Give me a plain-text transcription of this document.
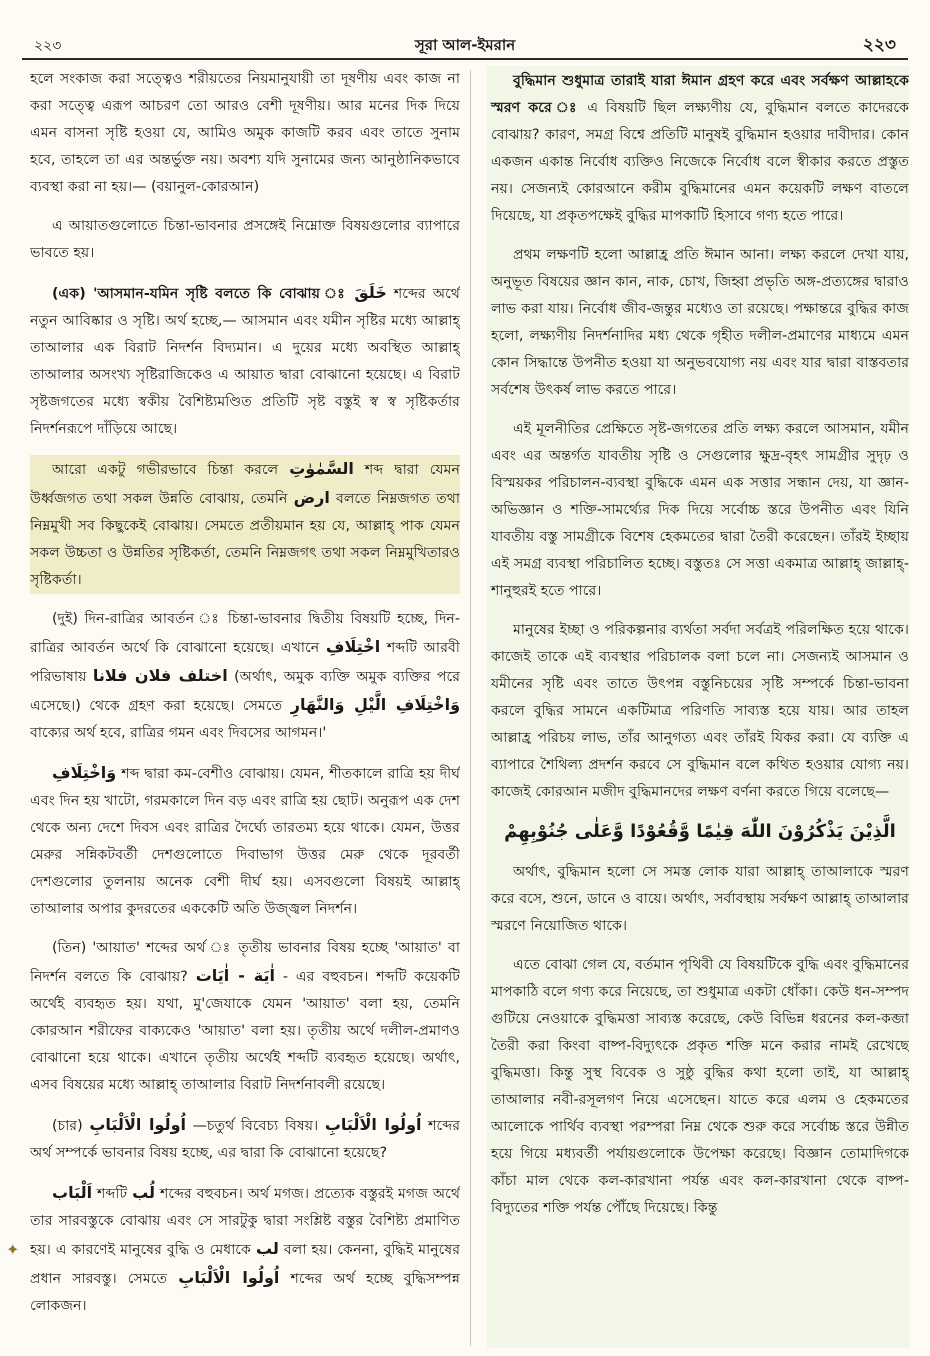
২২৩	সূরা আল-ইমরান	২২৩

হলে সংকাজ করা সত্ত্বেও শরীয়তের নিয়মানুযায়ী তা দূষণীয় এবং কাজ না করা সত্ত্বে এরূপ আচরণ তো আরও বেশী দূষণীয়। আর মনের দিক দিয়ে এমন বাসনা সৃষ্টি হওয়া যে, আমিও অমুক কাজটি করব এবং তাতে সুনাম হবে, তাহলে তা এর অন্তর্ভুক্ত নয়। অবশ্য যদি সুনামের জন্য আনুষ্ঠানিকভাবে ব্যবস্থা করা না হয়।— (বয়ানুল-কোরআন)

এ আয়াতগুলোতে চিন্তা-ভাবনার প্রসঙ্গেই নিম্নোক্ত বিষয়গুলোর ব্যাপারে ভাবতে হয়।

(এক) 'আসমান-যমিন সৃষ্টি বলতে কি বোঝায় ঃ خَلَقَ শব্দের অর্থে নতুন আবিষ্কার ও সৃষ্টি। অর্থ হচ্ছে,— আসমান এবং যমীন সৃষ্টির মধ্যে আল্লাহ্ তাআলার এক বিরাট নিদর্শন বিদ্যমান। এ দুয়ের মধ্যে অবস্থিত আল্লাহ্ তাআলার অসংখ্য সৃষ্টিরাজিকেও এ আয়াত দ্বারা বোঝানো হয়েছে। এ বিরাট সৃষ্টজগতের মধ্যে স্বকীয় বৈশিষ্ট্যমণ্ডিত প্রতিটি সৃষ্ট বস্তুই স্ব স্ব সৃষ্টিকর্তার নিদর্শনরূপে দাঁড়িয়ে আছে।

আরো একটু গভীরভাবে চিন্তা করলে السَّمٰوٰتِ শব্দ দ্বারা যেমন উর্ধ্বজগত তথা সকল উন্নতি বোঝায়, তেমনি ارض বলতে নিম্নজগত তথা নিম্নমুখী সব কিছুকেই বোঝায়। সেমতে প্রতীয়মান হয় যে, আল্লাহ্ পাক যেমন সকল উচ্চতা ও উন্নতির সৃষ্টিকর্তা, তেমনি নিম্নজগৎ তথা সকল নিম্নমুখিতারও সৃষ্টিকর্তা।

(দুই) দিন-রাত্রির আবর্তন ঃ চিন্তা-ভাবনার দ্বিতীয় বিষয়টি হচ্ছে, দিন- রাত্রির আবর্তন অর্থে কি বোঝানো হয়েছে। এখানে اخْتِلَافِ শব্দটি আরবী পরিভাষায় اختلف فلان فلانا (অর্থাৎ, অমুক ব্যক্তি অমুক ব্যক্তির পরে এসেছে।) থেকে গ্রহণ করা হয়েছে। সেমতে وَاخْتِلَافِ الَّيْلِ وَالنَّهَارِ বাক্যের অর্থ হবে, রাত্রির গমন এবং দিবসের আগমন।'

وَاخْتِلَافِ শব্দ দ্বারা কম-বেশীও বোঝায়। যেমন, শীতকালে রাত্রি হয় দীর্ঘ এবং দিন হয় খাটো, গরমকালে দিন বড় এবং রাত্রি হয় ছোট। অনুরূপ এক দেশ থেকে অন্য দেশে দিবস এবং রাত্রির দৈর্ঘ্যে তারতম্য হয়ে থাকে। যেমন, উত্তর মেরুর সন্নিকটবর্তী দেশগুলোতে দিবাভাগ উত্তর মেরু থেকে দূরবর্তী দেশগুলোর তুলনায় অনেক বেশী দীর্ঘ হয়। এসবগুলো বিষয়ই আল্লাহ্ তাআলার অপার কুদরতের এককেটি অতি উজ্জ্বল নিদর্শন।

(তিন) 'আয়াত' শব্দের অর্থ ঃ তৃতীয় ভাবনার বিষয় হচ্ছে 'আয়াত' বা নিদর্শন বলতে কি বোঝায়? اٰيَة - اٰيَات - এর বহুবচন। শব্দটি কয়েকটি অর্থেই ব্যবহৃত হয়। যথা, মু'জেযাকে যেমন 'আয়াত' বলা হয়, তেমনি কোরআন শরীফের বাক্যকেও 'আয়াত' বলা হয়। তৃতীয় অর্থে দলীল-প্রমাণও বোঝানো হয়ে থাকে। এখানে তৃতীয় অর্থেই শব্দটি ব্যবহৃত হয়েছে। অর্থাৎ, এসব বিষয়ের মধ্যে আল্লাহ্ তাআলার বিরাট নিদর্শনাবলী রয়েছে।

(চার) اُولُوا الْاَلْبَابِ —চতুর্থ বিবেচ্য বিষয়। اُولُوا الْاَلْبَابِ শব্দের অর্থ সম্পর্কে ভাবনার বিষয় হচ্ছে, এর দ্বারা কি বোঝানো হয়েছে?

اَلْبَاب শব্দটি لُب শব্দের বহুবচন। অর্থ মগজ। প্রত্যেক বস্তুরই মগজ অর্থে তার সারবস্তুকে বোঝায় এবং সে সারটুকু দ্বারা সংশ্লিষ্ট বস্তুর বৈশিষ্ট্য প্রমাণিত হয়। এ কারণেই মানুষের বুদ্ধি ও মেধাকে لب বলা হয়। কেননা, বুদ্ধিই মানুষের প্রধান সারবস্তু। সেমতে اُولُوا الْاَلْبَابِ শব্দের অর্থ হচ্ছে বুদ্ধিসম্পন্ন লোকজন।

বুদ্ধিমান শুধুমাত্র তারাই যারা ঈমান গ্রহণ করে এবং সর্বক্ষণ আল্লাহকে স্মরণ করে ঃ এ বিষয়টি ছিল লক্ষ্যণীয় যে, বুদ্ধিমান বলতে কাদেরকে বোঝায়? কারণ, সমগ্র বিশ্বে প্রতিটি মানুষই বুদ্ধিমান হওয়ার দাবীদার। কোন একজন একান্ত নির্বোধ ব্যক্তিও নিজেকে নির্বোধ বলে স্বীকার করতে প্রস্তুত নয়। সেজন্যই কোরআনে করীম বুদ্ধিমানের এমন কয়েকটি লক্ষণ বাতলে দিয়েছে, যা প্রকৃতপক্ষেই বুদ্ধির মাপকাটি হিসাবে গণ্য হতে পারে।

প্রথম লক্ষণটি হলো আল্লাহ্র প্রতি ঈমান আনা। লক্ষ্য করলে দেখা যায়, অনুভূত বিষয়ের জ্ঞান কান, নাক, চোখ, জিহ্বা প্রভৃতি অঙ্গ-প্রত্যঙ্গের দ্বারাও লাভ করা যায়। নির্বোধ জীব-জন্তুর মধ্যেও তা রয়েছে। পক্ষান্তরে বুদ্ধির কাজ হলো, লক্ষ্যণীয় নিদর্শনাদির মধ্য থেকে গৃহীত দলীল-প্রমাণের মাধ্যমে এমন কোন সিদ্ধান্তে উপনীত হওয়া যা অনুভবযোগ্য নয় এবং যার দ্বারা বাস্তবতার সর্বশেষ উৎকর্ষ লাভ করতে পারে।

এই মূলনীতির প্রেক্ষিতে সৃষ্ট-জগতের প্রতি লক্ষ্য করলে আসমান, যমীন এবং এর অন্তর্গত যাবতীয় সৃষ্টি ও সেগুলোর ক্ষুদ্র-বৃহৎ সামগ্রীর সুদৃঢ় ও বিস্ময়কর পরিচালন-ব্যবস্থা বুদ্ধিকে এমন এক সত্তার সন্ধান দেয়, যা জ্ঞান-অভিজ্ঞান ও শক্তি-সামর্থ্যের দিক দিয়ে সর্বোচ্চ স্তরে উপনীত এবং যিনি যাবতীয় বস্তু সামগ্রীকে বিশেষ হেকমতের দ্বারা তৈরী করেছেন। তাঁরই ইচ্ছায় এই সমগ্র ব্যবস্থা পরিচালিত হচ্ছে। বস্তুতঃ সে সত্তা একমাত্র আল্লাহ্ জাল্লাহ্- শানুহুরই হতে পারে।

মানুষের ইচ্ছা ও পরিকল্পনার ব্যর্থতা সর্বদা সর্বত্রই পরিলক্ষিত হয়ে থাকে। কাজেই তাকে এই ব্যবস্থার পরিচালক বলা চলে না। সেজন্যই আসমান ও যমীনের সৃষ্টি এবং তাতে উৎপন্ন বস্তুনিচয়ের সৃষ্টি সম্পর্কে চিন্তা-ভাবনা করলে বুদ্ধির সামনে একটিমাত্র পরিণতি সাব্যস্ত হয়ে যায়। আর তাহল আল্লাহ্র পরিচয় লাভ, তাঁর আনুগত্য এবং তাঁরই যিকর করা। যে ব্যক্তি এ ব্যাপারে শৈথিল্য প্রদর্শন করবে সে বুদ্ধিমান বলে কথিত হওয়ার যোগ্য নয়। কাজেই কোরআন মজীদ বুদ্ধিমানদের লক্ষণ বর্ণনা করতে গিয়ে বলেছে—

الَّذِيْنَ يَذْكُرُوْنَ اللّٰهَ قِيٰمًا وَّقُعُوْدًا وَّعَلٰى جُنُوْبِهِمْ

অর্থাৎ, বুদ্ধিমান হলো সে সমস্ত লোক যারা আল্লাহ্ তাআলাকে স্মরণ করে বসে, শুনে, ডানে ও বায়ে। অর্থাৎ, সর্বাবস্থায় সর্বক্ষণ আল্লাহ্ তাআলার স্মরণে নিয়োজিত থাকে।

এতে বোঝা গেল যে, বর্তমান পৃথিবী যে বিষয়টিকে বুদ্ধি এবং বুদ্ধিমানের মাপকাঠি বলে গণ্য করে নিয়েছে, তা শুধুমাত্র একটা ধোঁকা। কেউ ধন-সম্পদ গুটিয়ে নেওয়াকে বুদ্ধিমত্তা সাব্যস্ত করেছে, কেউ বিভিন্ন ধরনের কল-কব্জা তৈরী করা কিংবা বাষ্প-বিদ্যুৎকে প্রকৃত শক্তি মনে করার নামই রেখেছে বুদ্ধিমত্তা। কিন্তু সুস্থ বিবেক ও সুষ্ঠু বুদ্ধির কথা হলো তাই, যা আল্লাহ্ তাআলার নবী-রসূলগণ নিয়ে এসেছেন। যাতে করে এলম ও হেকমতের আলোকে পার্থিব ব্যবস্থা পরম্পরা নিম্ন থেকে শুরু করে সর্বোচ্চ স্তরে উন্নীত হয়ে গিয়ে মধ্যবর্তী পর্যায়গুলোকে উপেক্ষা করেছে। বিজ্ঞান তোমাদিগকে কাঁচা মাল থেকে কল-কারখানা পর্যন্ত এবং কল-কারখানা থেকে বাষ্প-বিদ্যুতের শক্তি পর্যন্ত পৌঁছে দিয়েছে। কিন্তু

✦
